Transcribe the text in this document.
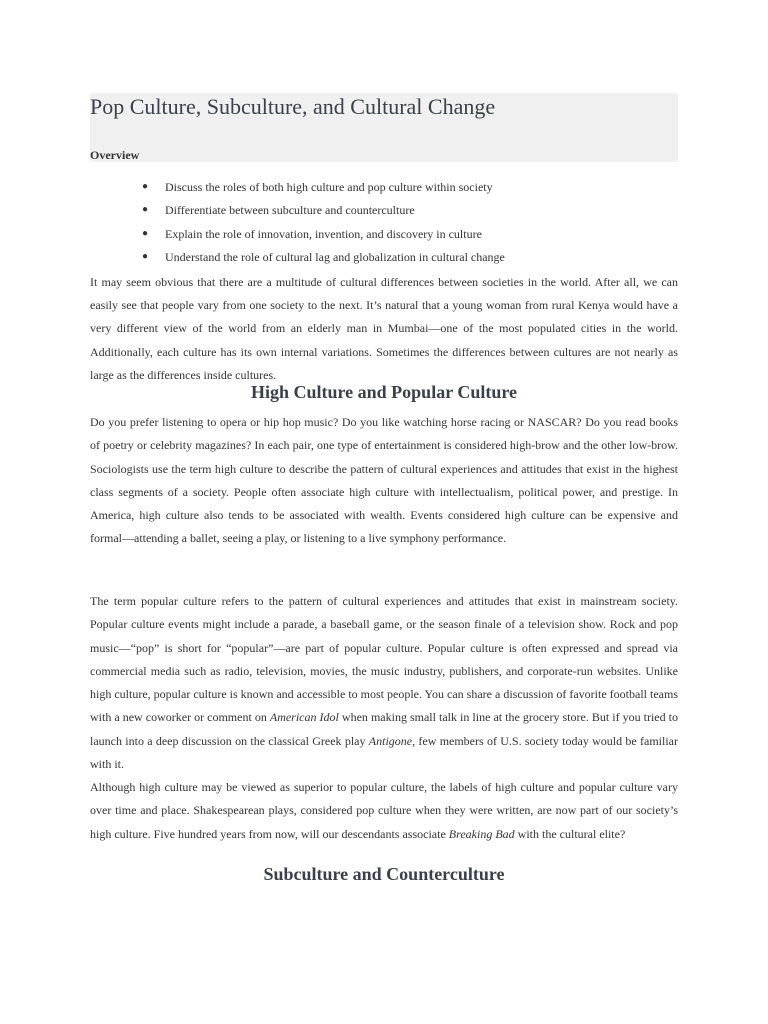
Pop Culture, Subculture, and Cultural Change

Overview

● Discuss the roles of both high culture and pop culture within society
● Differentiate between subculture and counterculture
● Explain the role of innovation, invention, and discovery in culture
● Understand the role of cultural lag and globalization in cultural change

It may seem obvious that there are a multitude of cultural differences between societies in the world. After all, we can easily see that people vary from one society to the next. It’s natural that a young woman from rural Kenya would have a very different view of the world from an elderly man in Mumbai—one of the most populated cities in the world. Additionally, each culture has its own internal variations. Sometimes the differences between cultures are not nearly as large as the differences inside cultures.

High Culture and Popular Culture

Do you prefer listening to opera or hip hop music? Do you like watching horse racing or NASCAR? Do you read books of poetry or celebrity magazines? In each pair, one type of entertainment is considered high-brow and the other low-brow. Sociologists use the term high culture to describe the pattern of cultural experiences and attitudes that exist in the highest class segments of a society. People often associate high culture with intellectualism, political power, and prestige. In America, high culture also tends to be associated with wealth. Events considered high culture can be expensive and formal—attending a ballet, seeing a play, or listening to a live symphony performance.

The term popular culture refers to the pattern of cultural experiences and attitudes that exist in mainstream society. Popular culture events might include a parade, a baseball game, or the season finale of a television show. Rock and pop music—“pop” is short for “popular”—are part of popular culture. Popular culture is often expressed and spread via commercial media such as radio, television, movies, the music industry, publishers, and corporate-run websites. Unlike high culture, popular culture is known and accessible to most people. You can share a discussion of favorite football teams with a new coworker or comment on American Idol when making small talk in line at the grocery store. But if you tried to launch into a deep discussion on the classical Greek play Antigone, few members of U.S. society today would be familiar with it.

Although high culture may be viewed as superior to popular culture, the labels of high culture and popular culture vary over time and place. Shakespearean plays, considered pop culture when they were written, are now part of our society’s high culture. Five hundred years from now, will our descendants associate Breaking Bad with the cultural elite?

Subculture and Counterculture
